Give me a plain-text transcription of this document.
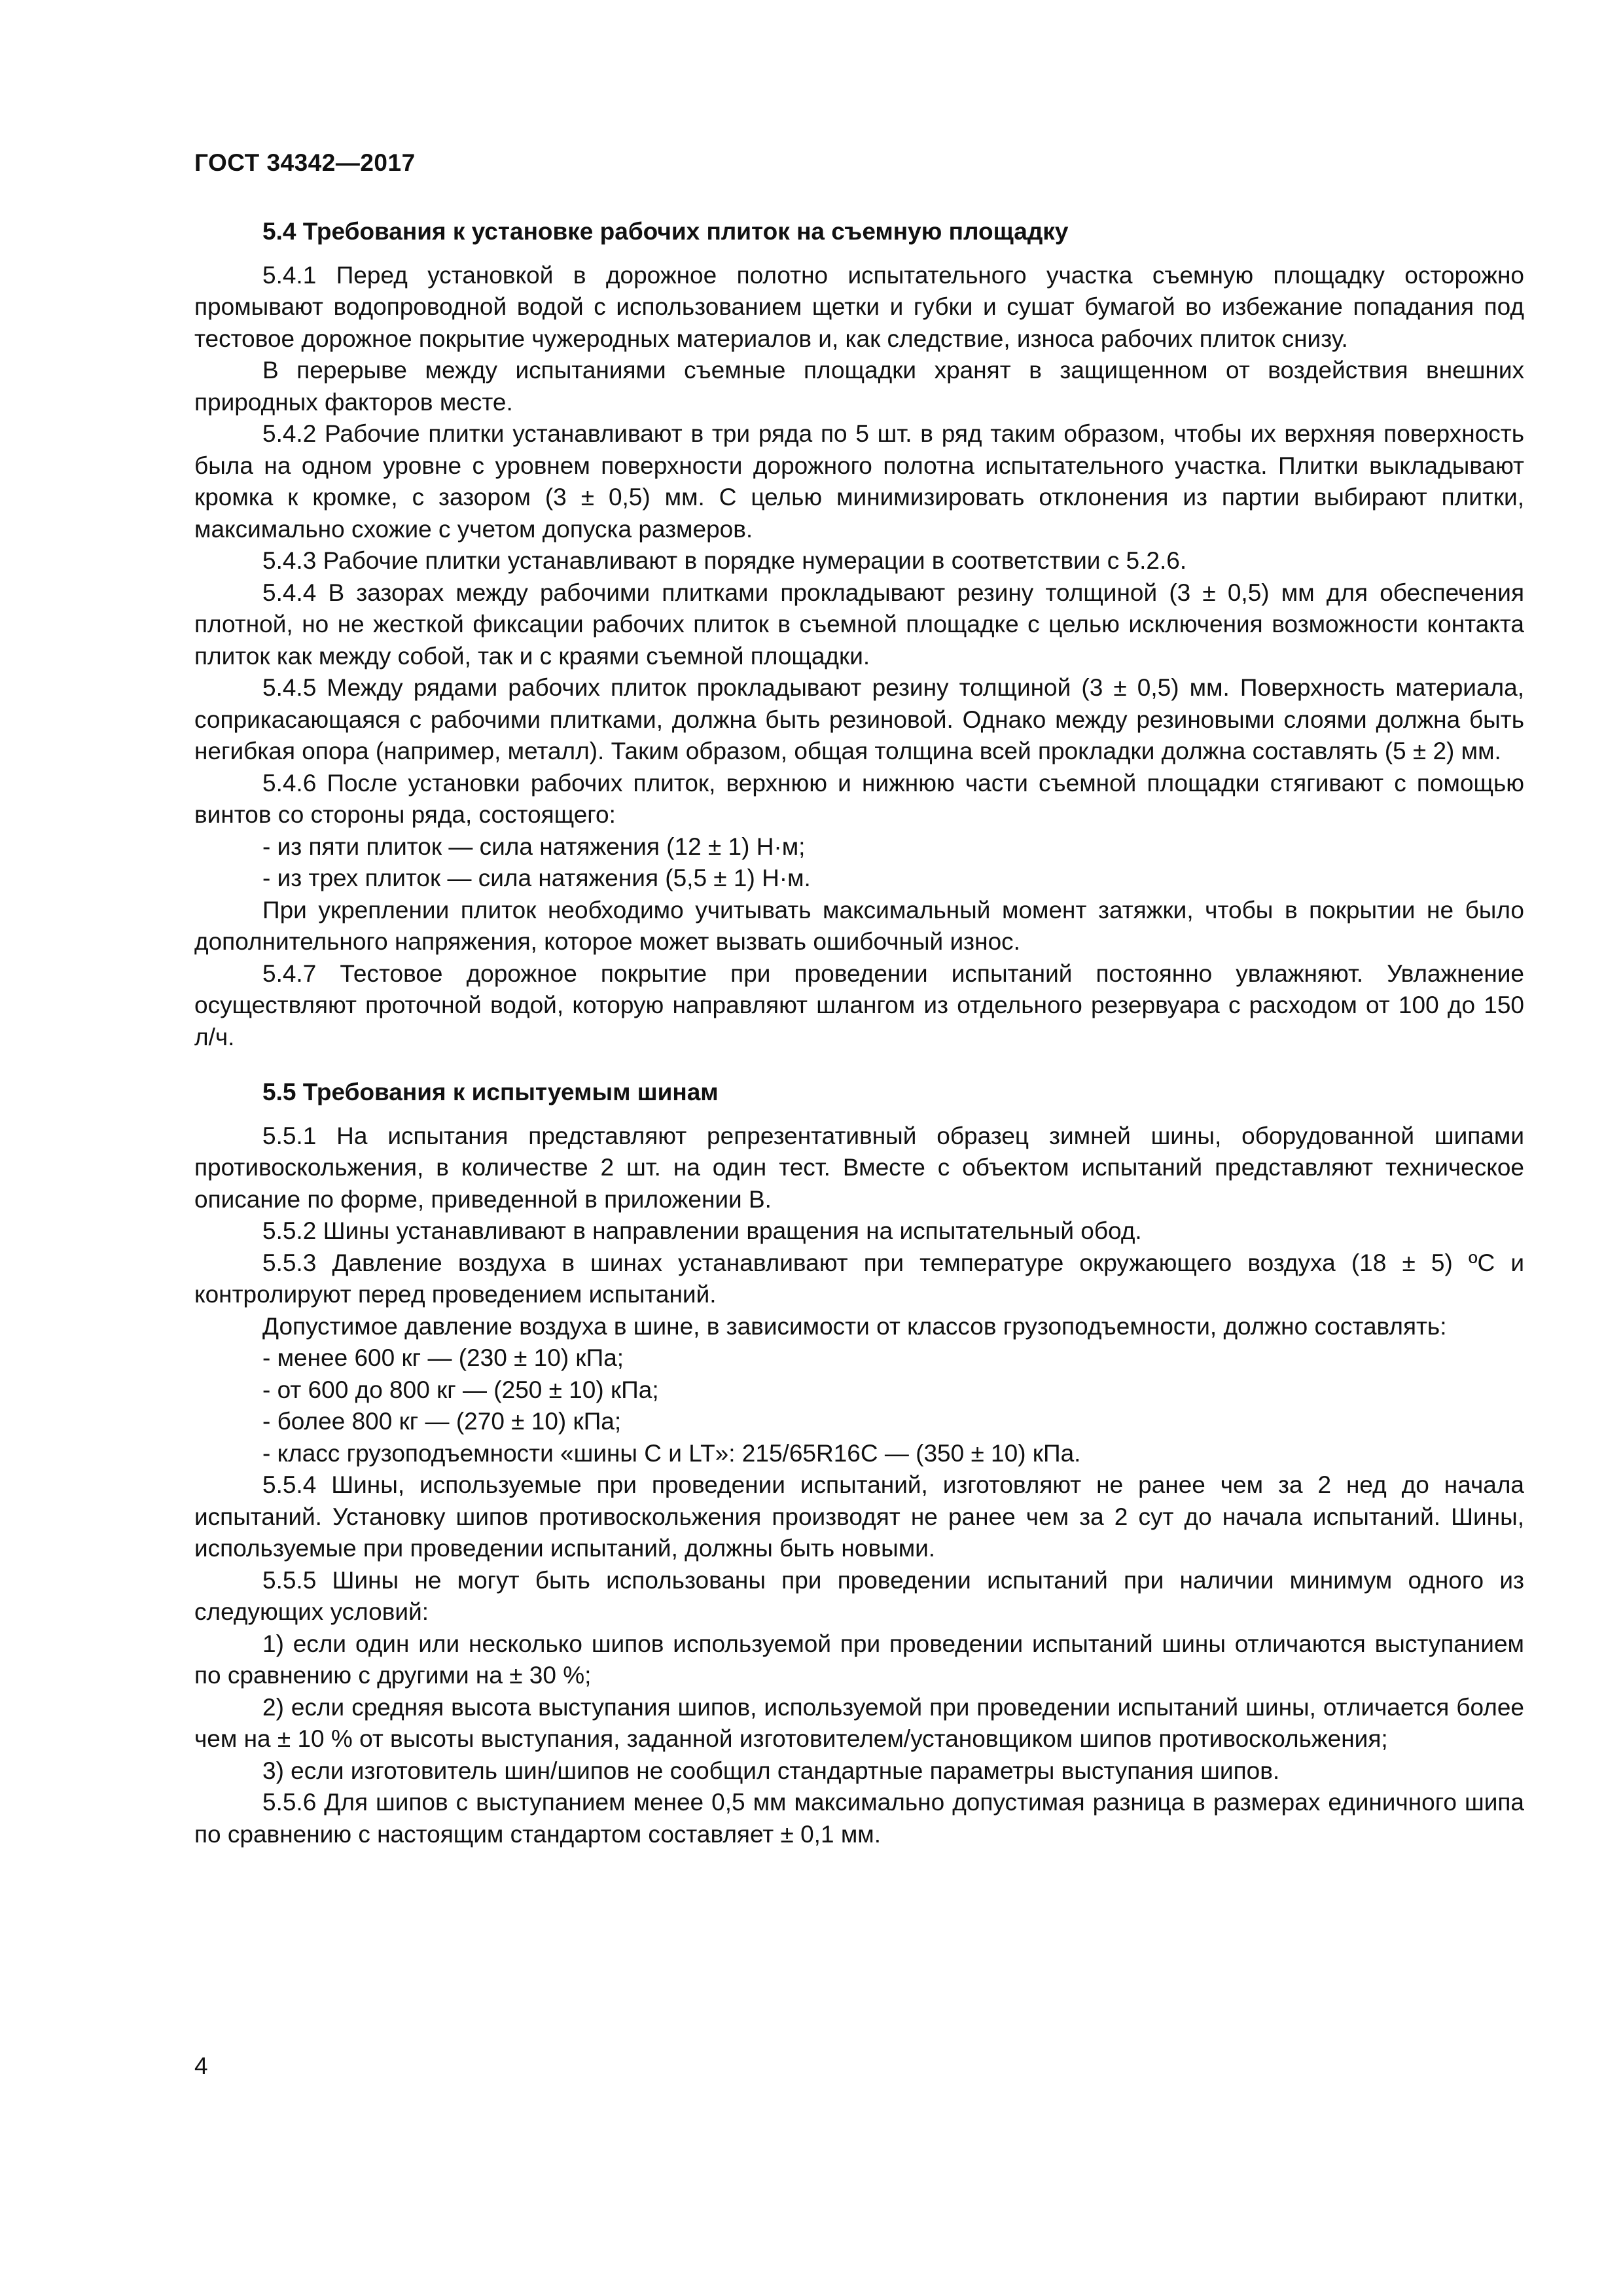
ГОСТ 34342—2017
5.4 Требования к установке рабочих плиток на съемную площадку

5.4.1 Перед установкой в дорожное полотно испытательного участка съемную площадку осторожно промывают водопроводной водой с использованием щетки и губки и сушат бумагой во избежание попадания под тестовое дорожное покрытие чужеродных материалов и, как следствие, износа рабочих плиток снизу.

В перерыве между испытаниями съемные площадки хранят в защищенном от воздействия внешних природных факторов месте.

5.4.2 Рабочие плитки устанавливают в три ряда по 5 шт. в ряд таким образом, чтобы их верхняя поверхность была на одном уровне с уровнем поверхности дорожного полотна испытательного участка. Плитки выкладывают кромка к кромке, с зазором (3 ± 0,5) мм. С целью минимизировать отклонения из партии выбирают плитки, максимально схожие с учетом допуска размеров.

5.4.3 Рабочие плитки устанавливают в порядке нумерации в соответствии с 5.2.6.

5.4.4 В зазорах между рабочими плитками прокладывают резину толщиной (3 ± 0,5) мм для обеспечения плотной, но не жесткой фиксации рабочих плиток в съемной площадке с целью исключения возможности контакта плиток как между собой, так и с краями съемной площадки.

5.4.5 Между рядами рабочих плиток прокладывают резину толщиной (3 ± 0,5) мм. Поверхность материала, соприкасающаяся с рабочими плитками, должна быть резиновой. Однако между резиновыми слоями должна быть негибкая опора (например, металл). Таким образом, общая толщина всей прокладки должна составлять (5 ± 2) мм.

5.4.6 После установки рабочих плиток, верхнюю и нижнюю части съемной площадки стягивают с помощью винтов со стороны ряда, состоящего:

- из пяти плиток — сила натяжения (12 ± 1) Н·м;

- из трех плиток — сила натяжения (5,5 ± 1) Н·м.

При укреплении плиток необходимо учитывать максимальный момент затяжки, чтобы в покрытии не было дополнительного напряжения, которое может вызвать ошибочный износ.

5.4.7 Тестовое дорожное покрытие при проведении испытаний постоянно увлажняют. Увлажнение осуществляют проточной водой, которую направляют шлангом из отдельного резервуара с расходом от 100 до 150 л/ч.

5.5 Требования к испытуемым шинам

5.5.1 На испытания представляют репрезентативный образец зимней шины, оборудованной шипами противоскольжения, в количестве 2 шт. на один тест. Вместе с объектом испытаний представляют техническое описание по форме, приведенной в приложении В.

5.5.2 Шины устанавливают в направлении вращения на испытательный обод.

5.5.3 Давление воздуха в шинах устанавливают при температуре окружающего воздуха (18 ± 5) ºC и контролируют перед проведением испытаний.

Допустимое давление воздуха в шине, в зависимости от классов грузоподъемности, должно составлять:

- менее 600 кг — (230 ± 10) кПа;

- от 600 до 800 кг — (250 ± 10) кПа;

- более 800 кг — (270 ± 10) кПа;

- класс грузоподъемности «шины С и LT»: 215/65R16C — (350 ± 10) кПа.

5.5.4 Шины, используемые при проведении испытаний, изготовляют не ранее чем за 2 нед до начала испытаний. Установку шипов противоскольжения производят не ранее чем за 2 сут до начала испытаний. Шины, используемые при проведении испытаний, должны быть новыми.

5.5.5 Шины не могут быть использованы при проведении испытаний при наличии минимум одного из следующих условий:

1) если один или несколько шипов используемой при проведении испытаний шины отличаются выступанием по сравнению с другими на ± 30 %;

2) если средняя высота выступания шипов, используемой при проведении испытаний шины, отличается более чем на ± 10 % от высоты выступания, заданной изготовителем/установщиком шипов противоскольжения;

3) если изготовитель шин/шипов не сообщил стандартные параметры выступания шипов.

5.5.6 Для шипов с выступанием менее 0,5 мм максимально допустимая разница в размерах единичного шипа по сравнению с настоящим стандартом составляет ± 0,1 мм.

4
